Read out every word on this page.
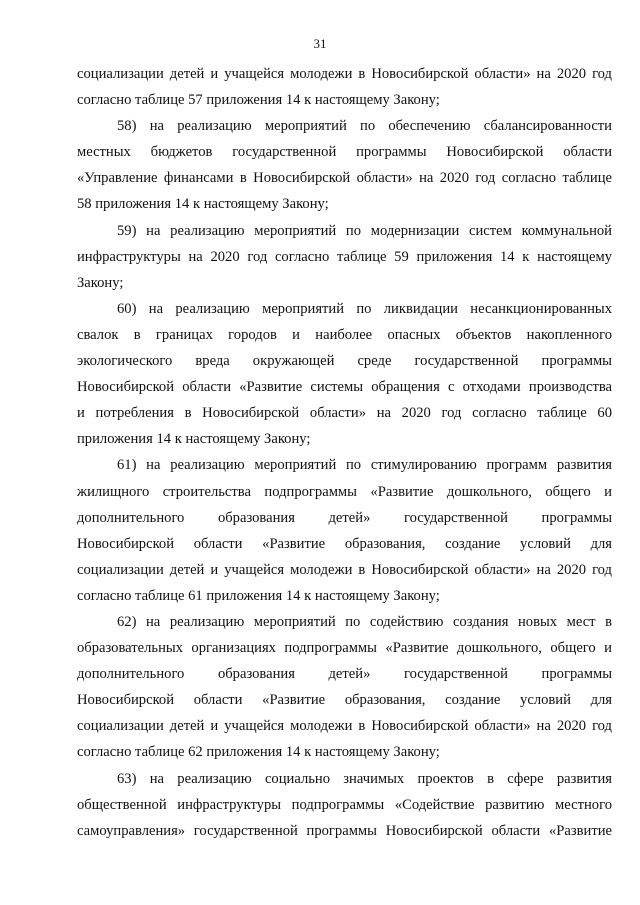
31
социализации детей и учащейся молодежи в Новосибирской области» на 2020 год
согласно таблице 57 приложения 14 к настоящему Закону;
58) на реализацию мероприятий по обеспечению сбалансированности
местных бюджетов государственной программы Новосибирской области
«Управление финансами в Новосибирской области» на 2020 год согласно таблице
58 приложения 14 к настоящему Закону;
59) на реализацию мероприятий по модернизации систем коммунальной
инфраструктуры на 2020 год согласно таблице 59 приложения 14 к настоящему
Закону;
60) на реализацию мероприятий по ликвидации несанкционированных
свалок в границах городов и наиболее опасных объектов накопленного
экологического вреда окружающей среде государственной программы
Новосибирской области «Развитие системы обращения с отходами производства
и потребления в Новосибирской области» на 2020 год согласно таблице 60
приложения 14 к настоящему Закону;
61) на реализацию мероприятий по стимулированию программ развития
жилищного строительства подпрограммы «Развитие дошкольного, общего и
дополнительного образования детей» государственной программы
Новосибирской области «Развитие образования, создание условий для
социализации детей и учащейся молодежи в Новосибирской области» на 2020 год
согласно таблице 61 приложения 14 к настоящему Закону;
62) на реализацию мероприятий по содействию создания новых мест в
образовательных организациях подпрограммы «Развитие дошкольного, общего и
дополнительного образования детей» государственной программы
Новосибирской области «Развитие образования, создание условий для
социализации детей и учащейся молодежи в Новосибирской области» на 2020 год
согласно таблице 62 приложения 14 к настоящему Закону;
63) на реализацию социально значимых проектов в сфере развития
общественной инфраструктуры подпрограммы «Содействие развитию местного
самоуправления» государственной программы Новосибирской области «Развитие
